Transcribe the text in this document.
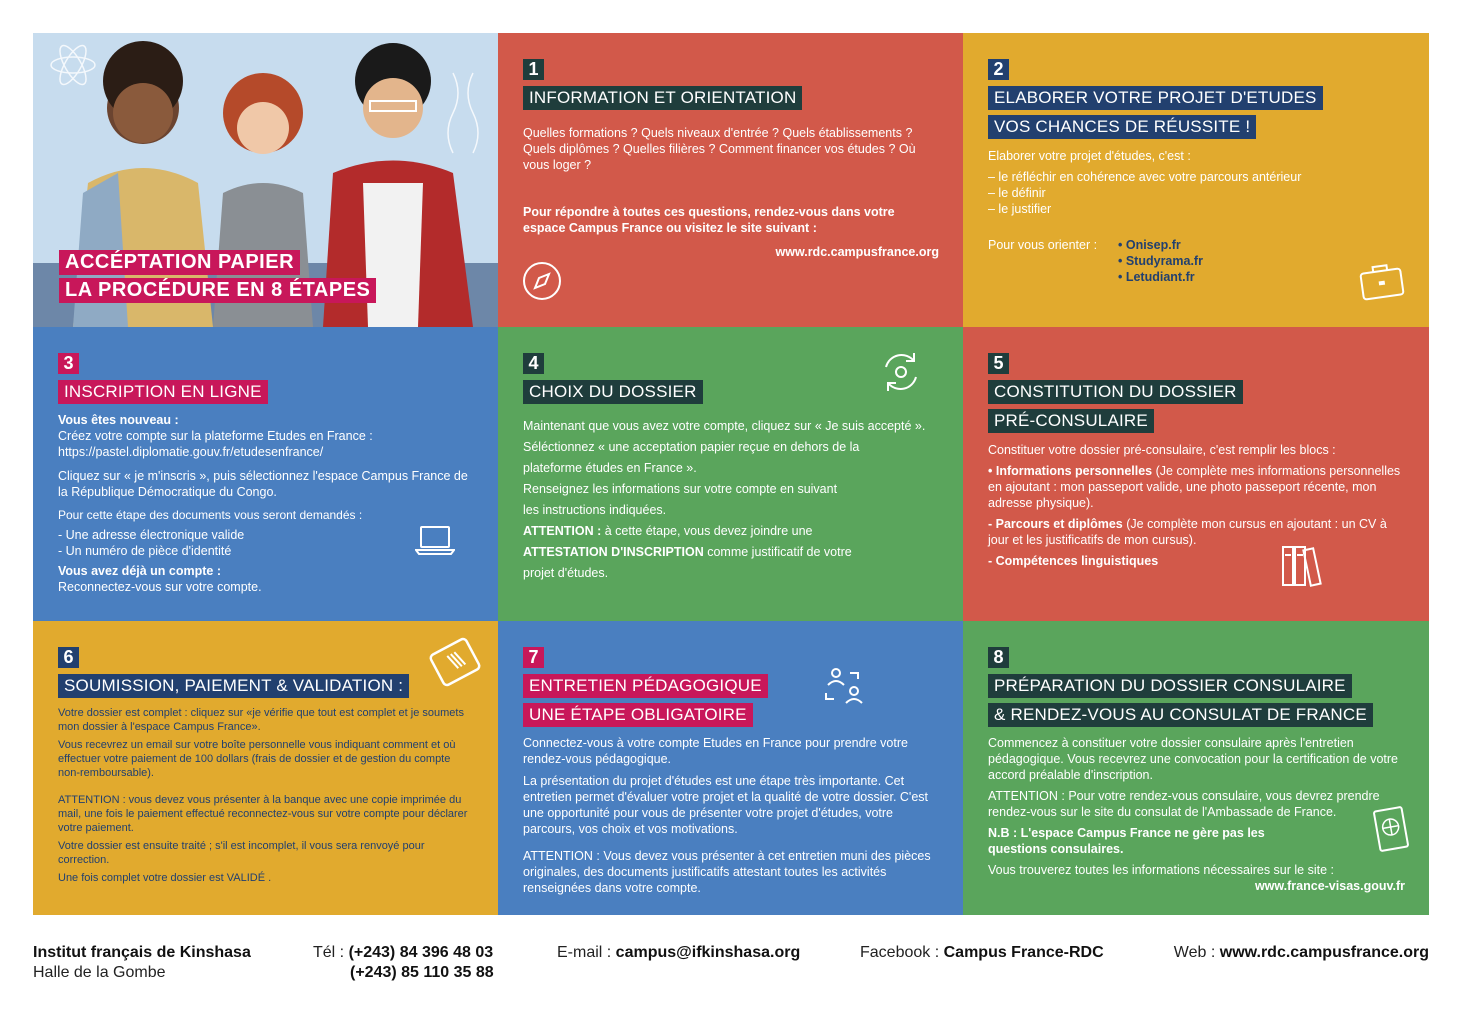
ACCÉPTATION PAPIER
LA PROCÉDURE EN 8 ÉTAPES
1
INFORMATION ET ORIENTATION

Quelles formations ? Quels niveaux d'entrée ? Quels établissements ? Quels diplômes ? Quelles filières ? Comment financer vos études ? Où vous loger ?

Pour répondre à toutes ces questions, rendez-vous dans votre espace Campus France ou visitez le site suivant :

www.rdc.campusfrance.org

2
ELABORER VOTRE PROJET D'ETUDES
VOS CHANCES DE RÉUSSITE !

Elaborer votre projet d'études, c'est :

– le réfléchir en cohérence avec votre parcours antérieur

– le définir

– le justifier

Pour vous orienter :	• Onisep.fr

• Studyrama.fr

• Letudiant.fr

3
INSCRIPTION EN LIGNE

Vous êtes nouveau :

Créez votre compte sur la plateforme Etudes en France :

https://pastel.diplomatie.gouv.fr/etudesenfrance/

Cliquez sur « je m'inscris », puis sélectionnez l'espace Campus France de la République Démocratique du Congo.

Pour cette étape des documents vous seront demandés :

- Une adresse électronique valide

- Un numéro de pièce d'identité

Vous avez déjà un compte :

Reconnectez-vous sur votre compte.

4
CHOIX DU DOSSIER

Maintenant que vous avez votre compte, cliquez sur « Je suis accepté ».

Séléctionnez « une acceptation papier reçue en dehors de la

plateforme études en France ».

Renseignez les informations sur votre compte en suivant

les instructions indiquées.

ATTENTION : à cette étape, vous devez joindre une

ATTESTATION D'INSCRIPTION comme justificatif de votre

projet d'études.

5
CONSTITUTION DU DOSSIER
PRÉ-CONSULAIRE

Constituer votre dossier pré-consulaire, c'est remplir les blocs :

• Informations personnelles (Je complète mes informations personnelles en ajoutant : mon passeport valide, une photo passeport récente, mon adresse physique).

- Parcours et diplômes (Je complète mon cursus en ajoutant : un CV à jour et les justificatifs de mon cursus).

- Compétences linguistiques

6
SOUMISSION, PAIEMENT & VALIDATION :

Votre dossier est complet : cliquez sur «je vérifie que tout est complet et je soumets mon dossier à l'espace Campus France».

Vous recevrez un email sur votre boîte personnelle vous indiquant comment et où effectuer votre paiement de 100 dollars (frais de dossier et de gestion du compte non-remboursable).

ATTENTION : vous devez vous présenter à la banque avec une copie imprimée du mail, une fois le paiement effectué reconnectez-vous sur votre compte pour déclarer votre paiement.

Votre dossier est ensuite traité ; s'il est incomplet, il vous sera renvoyé pour correction.

Une fois complet votre dossier est VALIDÉ .

7
ENTRETIEN PÉDAGOGIQUE
UNE ÉTAPE OBLIGATOIRE

Connectez-vous à votre compte Etudes en France pour prendre votre rendez-vous pédagogique.

La présentation du projet d'études est une étape très importante. Cet entretien permet d'évaluer votre projet et la qualité de votre dossier. C'est une opportunité pour vous de présenter votre projet d'études, votre parcours, vos choix et vos motivations.

ATTENTION : Vous devez vous présenter à cet entretien muni des pièces originales, des documents justificatifs attestant toutes les activités renseignées dans votre compte.

8
PRÉPARATION DU DOSSIER CONSULAIRE
& RENDEZ-VOUS AU CONSULAT DE FRANCE

Commencez à constituer votre dossier consulaire après l'entretien pédagogique. Vous recevrez une convocation pour la certification de votre accord préalable d'inscription.

ATTENTION : Pour votre rendez-vous consulaire, vous devrez prendre rendez-vous sur le site du consulat de l'Ambassade de France.

N.B : L'espace Campus France ne gère pas les questions consulaires.

Vous trouverez toutes les informations nécessaires sur le site :

www.france-visas.gouv.fr

Institut français de Kinshasa
Halle de la Gombe
Tél : (+243) 84 396 48 03
(+243) 85 110 35 88
E-mail : campus@ifkinshasa.org	Facebook : Campus France-RDC	Web : www.rdc.campusfrance.org
